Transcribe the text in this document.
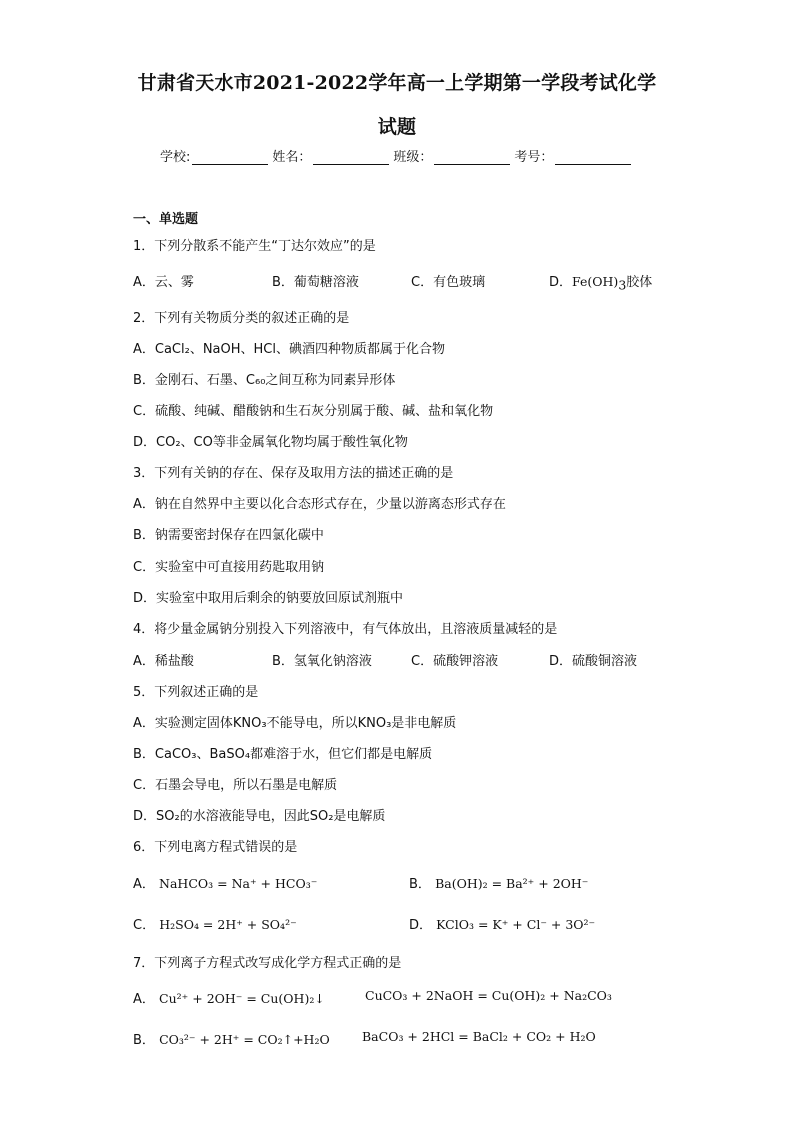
甘肃省天水市2021-2022学年高一上学期第一学段考试化学
试题
学校:	姓名：	班级：	考号：
一、单选题
1．下列分散系不能产生“丁达尔效应”的是
A．云、雾	B．葡萄糖溶液	C．有色玻璃	D．$Fe(OH)_3$胶体
2．下列有关物质分类的叙述正确的是
A．CaCl₂、NaOH、HCl、碘酒四种物质都属于化合物
B．金刚石、石墨、C₆₀之间互称为同素异形体
C．硫酸、纯碱、醋酸钠和生石灰分别属于酸、碱、盐和氧化物
D．CO₂、CO等非金属氧化物均属于酸性氧化物
3．下列有关钠的存在、保存及取用方法的描述正确的是
A．钠在自然界中主要以化合态形式存在，少量以游离态形式存在
B．钠需要密封保存在四氯化碳中
C．实验室中可直接用药匙取用钠
D．实验室中取用后剩余的钠要放回原试剂瓶中
4．将少量金属钠分别投入下列溶液中，有气体放出，且溶液质量减轻的是
A．稀盐酸	B．氢氧化钠溶液	C．硫酸钾溶液	D．硫酸铜溶液
5．下列叙述正确的是
A．实验测定固体KNO₃不能导电，所以KNO₃是非电解质
B．CaCO₃、BaSO₄都难溶于水，但它们都是电解质
C．石墨会导电，所以石墨是电解质
D．SO₂的水溶液能导电，因此SO₂是电解质
6．下列电离方程式错误的是
A． NaHCO₃ = Na⁺ + HCO₃⁻	B． Ba(OH)₂ = Ba²⁺ + 2OH⁻
C． H₂SO₄ = 2H⁺ + SO₄²⁻	D． KClO₃ = K⁺ + Cl⁻ + 3O²⁻
7．下列离子方程式改写成化学方程式正确的是
A． Cu²⁺ + 2OH⁻ = Cu(OH)₂↓	CuCO₃ + 2NaOH = Cu(OH)₂ + Na₂CO₃
B． CO₃²⁻ + 2H⁺ = CO₂↑+H₂O	BaCO₃ + 2HCl = BaCl₂ + CO₂ + H₂O
